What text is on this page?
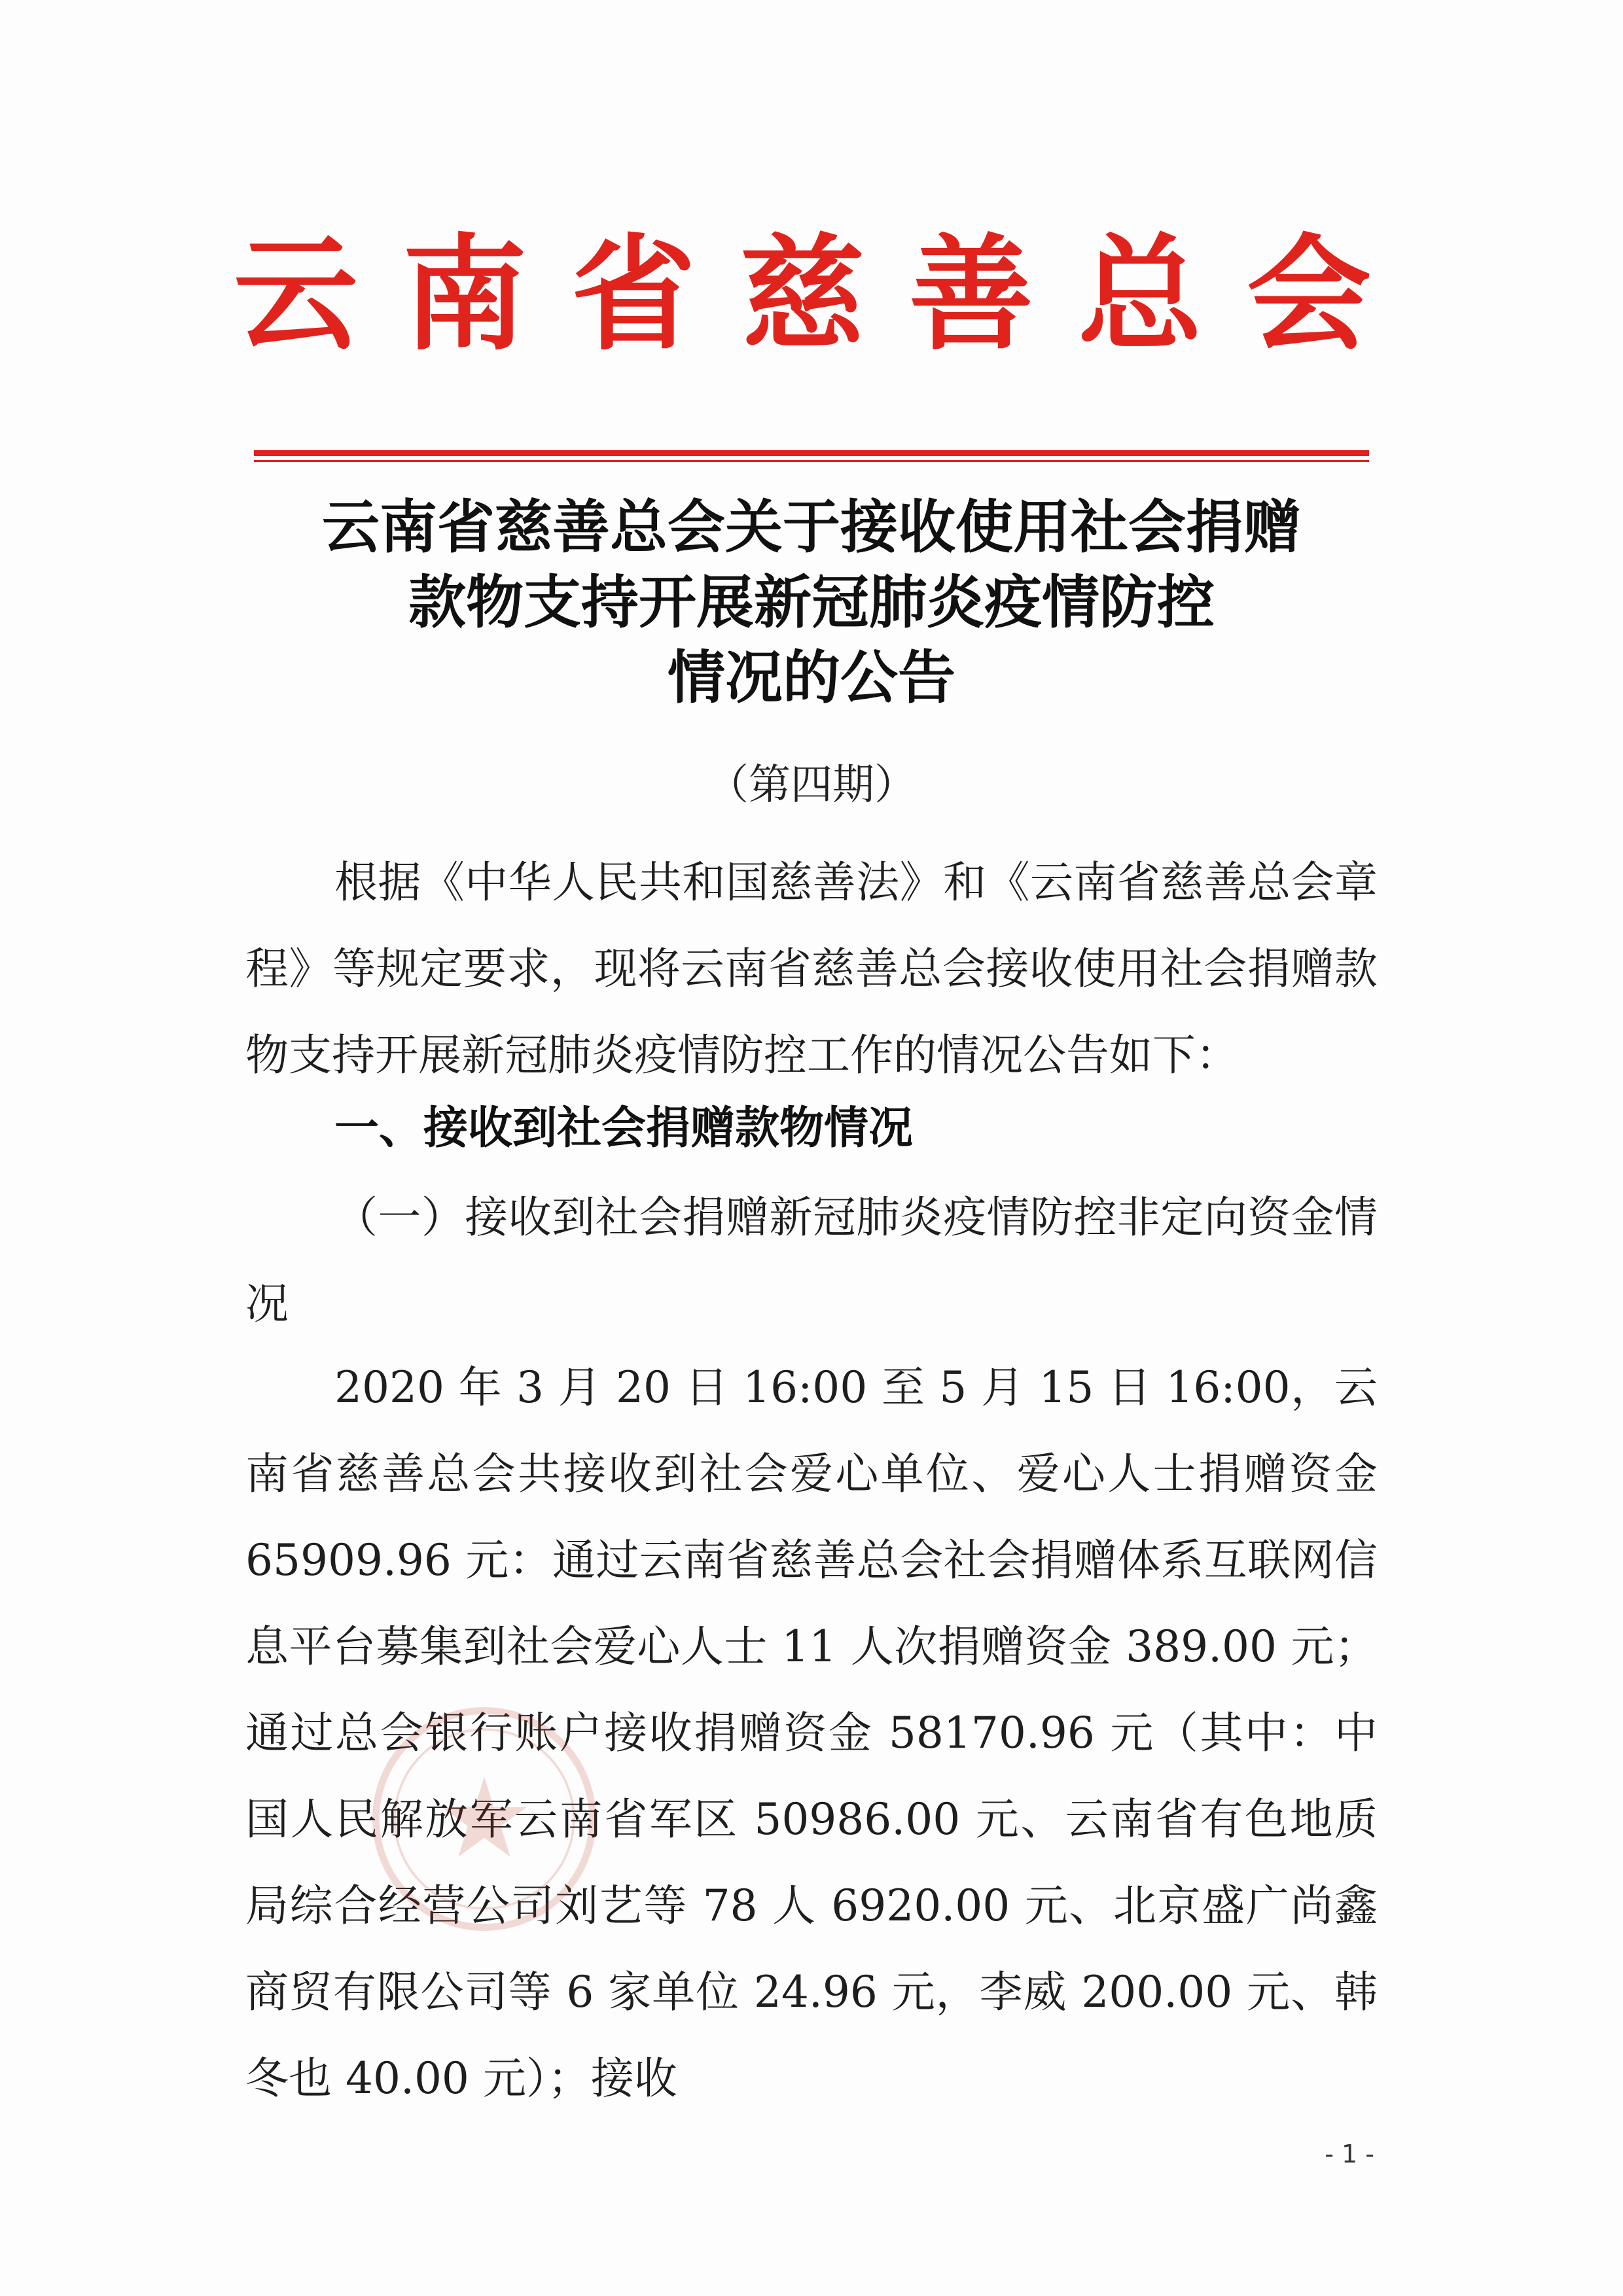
云南省慈善总会
云南省慈善总会关于接收使用社会捐赠
款物支持开展新冠肺炎疫情防控
情况的公告
（第四期）
根据《中华人民共和国慈善法》和《云南省慈善总会章程》等规定要求，现将云南省慈善总会接收使用社会捐赠款物支持开展新冠肺炎疫情防控工作的情况公告如下：
一、接收到社会捐赠款物情况
（一）接收到社会捐赠新冠肺炎疫情防控非定向资金情况
2020 年 3 月 20 日 16:00 至 5 月 15 日 16:00，云南省慈善总会共接收到社会爱心单位、爱心人士捐赠资金 65909.96 元：通过云南省慈善总会社会捐赠体系互联网信息平台募集到社会爱心人士 11 人次捐赠资金 389.00 元；通过总会银行账户接收捐赠资金 58170.96 元（其中：中国人民解放军云南省军区 50986.00 元、云南省有色地质局综合经营公司刘艺等 78 人 6920.00 元、北京盛广尚鑫商贸有限公司等 6 家单位 24.96 元，李威 200.00 元、韩冬也 40.00 元）；接收
- 1 -
